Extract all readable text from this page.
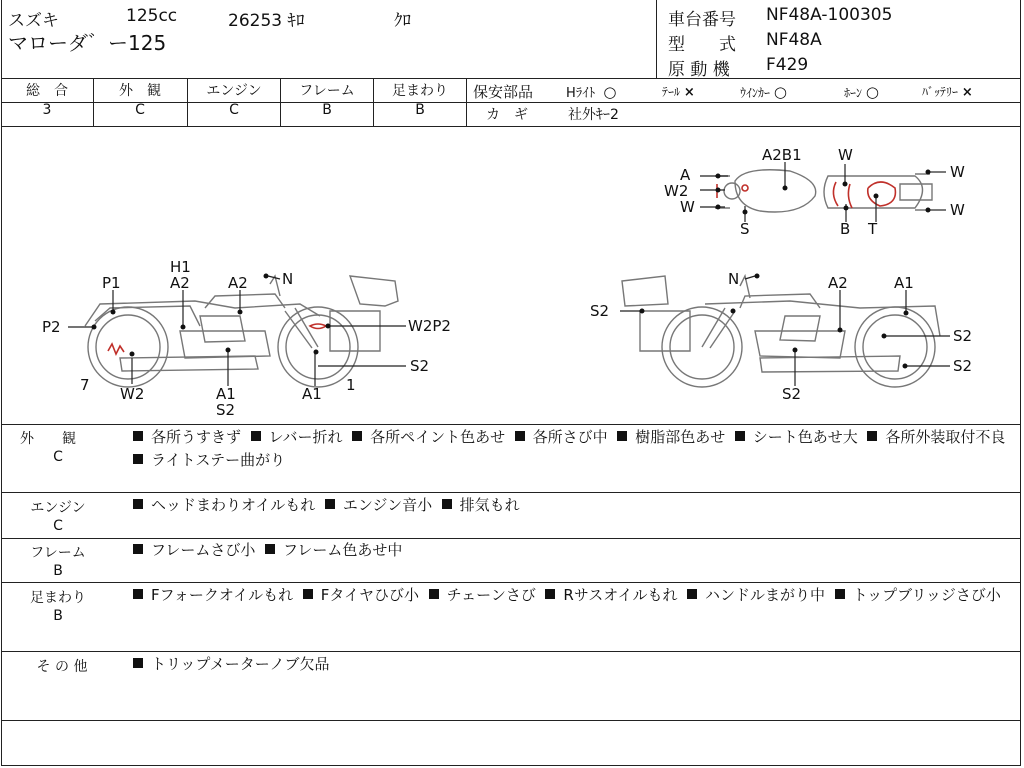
スズキ	125cc	26253 ｷﾛ	ｸﾛ
マローダ゛ー125
車台番号 NF48A-100305
型　　式 NF48A
原 動 機 F429
総　合	外　観	エンジン	フレーム	足まわり
3	C	C	B	B
保安部品	Hﾗｲﾄ ○	ﾃｰﾙ ×	ｳｲﾝｶｰ ○	ﾎｰﾝ ○	ﾊﾞｯﾃﾘｰ ×
カ　ギ	社外ｷｰ2
A
W2
W
S
A2B1 W
B T
W
W
H1
A2
P1	A2 N
P2	W2P2
S2
7 W2	A1
S2
A1 1
N	A2	A1
S2
S2
S2
S2
外　　観
C
各所うすきず レバー折れ 各所ペイント色あせ 各所さび中 樹脂部色あせ シート色あせ大 各所外装取付不良  ライトステー曲がり
エンジン
C
ヘッドまわりオイルもれ エンジン音小 排気もれ
フレーム
B
フレームさび小 フレーム色あせ中
足まわり
B
Fフォークオイルもれ Fタイヤひび小 チェーンさび Rサスオイルもれ ハンドルまがり中 トップブリッジさび小
そ の 他	トリップメーターノブ欠品
